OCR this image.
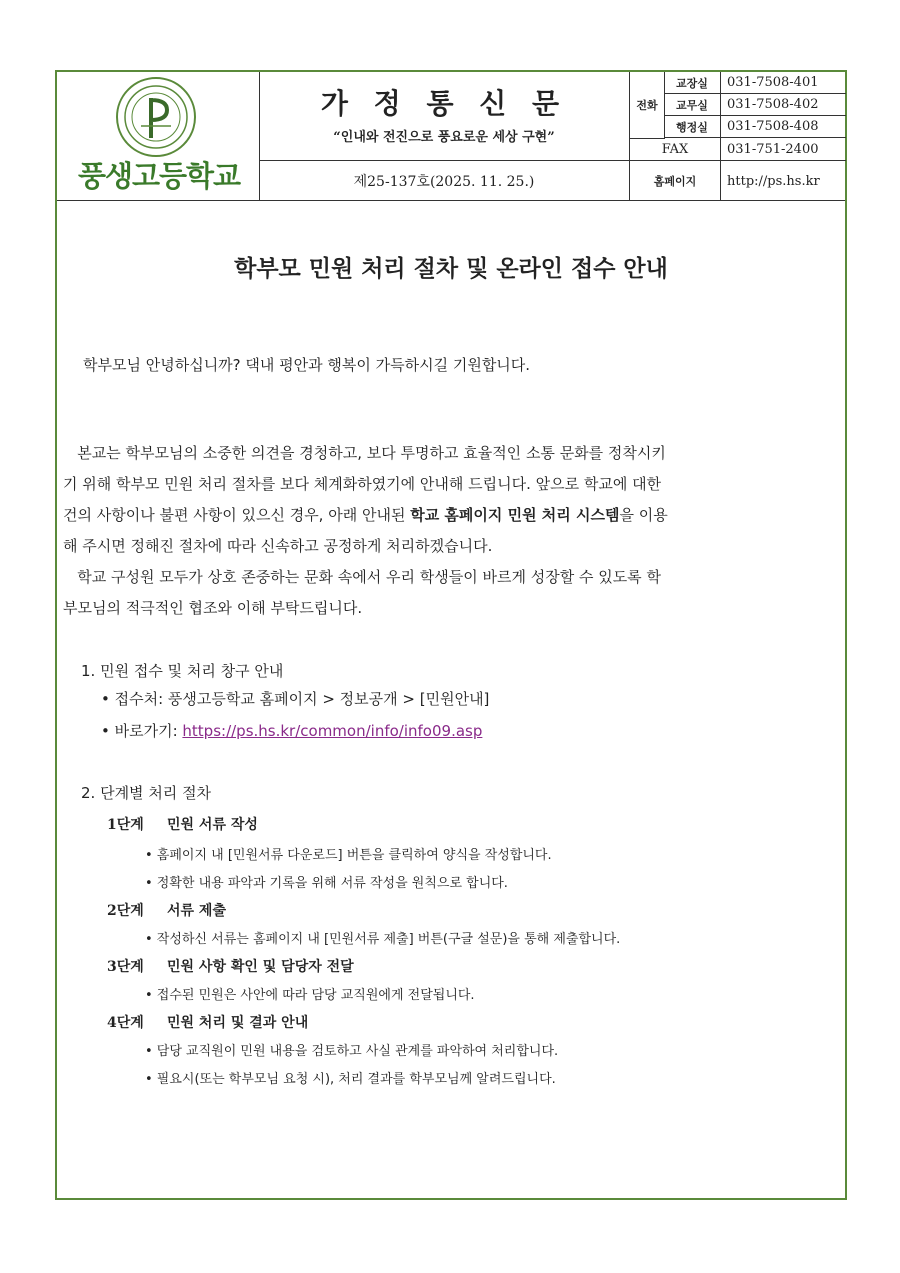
풍생고등학교
가 정 통 신 문
“인내와 전진으로 풍요로운 세상 구현”
제25-137호(2025. 11. 25.)
전화
교장실	031-7508-401
교무실	031-7508-402
행정실	031-7508-408
FAX	031-751-2400
홈페이지	http://ps.hs.kr
학부모 민원 처리 절차 및 온라인 접수 안내
학부모님 안녕하십니까? 댁내 평안과 행복이 가득하시길 기원합니다.
본교는 학부모님의 소중한 의견을 경청하고, 보다 투명하고 효율적인 소통 문화를 정착시키
기 위해 학부모 민원 처리 절차를 보다 체계화하였기에 안내해 드립니다. 앞으로 학교에 대한
건의 사항이나 불편 사항이 있으신 경우, 아래 안내된 학교 홈페이지 민원 처리 시스템을 이용
해 주시면 정해진 절차에 따라 신속하고 공정하게 처리하겠습니다.
학교 구성원 모두가 상호 존중하는 문화 속에서 우리 학생들이 바르게 성장할 수 있도록 학
부모님의 적극적인 협조와 이해 부탁드립니다.
1. 민원 접수 및 처리 창구 안내
• 접수처: 풍생고등학교 홈페이지 > 정보공개 > [민원안내]
• 바로가기: https://ps.hs.kr/common/info/info09.asp
2. 단계별 처리 절차
1단계 민원 서류 작성
• 홈페이지 내 [민원서류 다운로드] 버튼을 클릭하여 양식을 작성합니다.
• 정확한 내용 파악과 기록을 위해 서류 작성을 원칙으로 합니다.
2단계 서류 제출
• 작성하신 서류는 홈페이지 내 [민원서류 제출] 버튼(구글 설문)을 통해 제출합니다.
3단계 민원 사항 확인 및 담당자 전달
• 접수된 민원은 사안에 따라 담당 교직원에게 전달됩니다.
4단계 민원 처리 및 결과 안내
• 담당 교직원이 민원 내용을 검토하고 사실 관계를 파악하여 처리합니다.
• 필요시(또는 학부모님 요청 시), 처리 결과를 학부모님께 알려드립니다.
